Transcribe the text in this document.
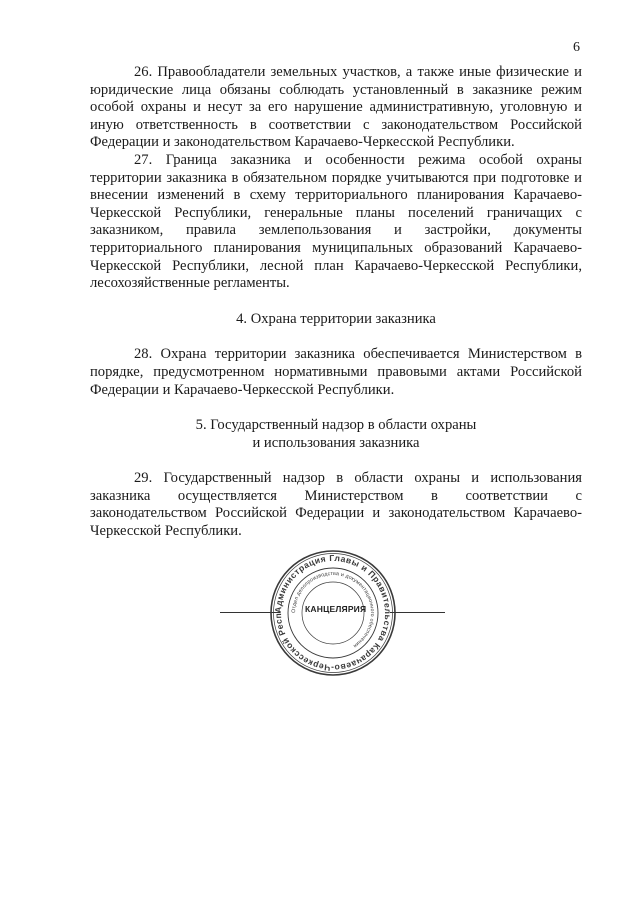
6

26. Правообладатели земельных участков, а также иные физические и юридические лица обязаны соблюдать установленный в заказнике режим особой охраны и несут за его нарушение административную, уголовную и иную ответственность в соответствии с законодательством Российской Федерации и законодательством Карачаево-Черкесской Республики.

27. Граница заказника и особенности режима особой охраны территории заказника в обязательном порядке учитываются при подготовке и внесении изменений в схему территориального планирования Карачаево-Черкесской Республики, генеральные планы поселений граничащих с заказником, правила землепользования и застройки, документы территориального планирования муниципальных образований Карачаево-Черкесской Республики, лесной план Карачаево-Черкесской Республики, лесохозяйственные регламенты.

4. Охрана территории заказника

28. Охрана территории заказника обеспечивается Министерством в порядке, предусмотренном нормативными правовыми актами Российской Федерации и Карачаево-Черкесской Республики.

5. Государственный надзор в области охраны

и использования заказника

29. Государственный надзор в области охраны и использования заказника осуществляется Министерством в соответствии с законодательством Российской Федерации и законодательством Карачаево-Черкесской Республики.

Администрация Главы и Правительства Карачаево-Черкесской Респ
Отдел делопроизводства и документационного обеспечения
КАНЦЕЛЯРИЯ
